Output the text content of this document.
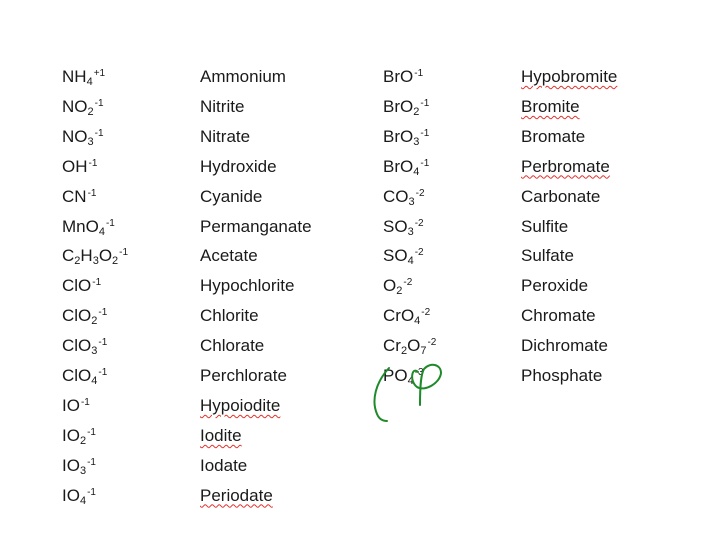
$NH_4^{+1}$
$NO_2^{-1}$
$NO_3^{-1}$
$OH^{-1}$
$CN^{-1}$
MnO$_4^{-1}$
$C_2H_3O_2^{-1}$
ClO$^{-1}$
ClO$_2^{-1}$
ClO$_3^{-1}$
ClO$_4^{-1}$
$IO^{-1}$
$IO_2^{-1}$
$IO_3^{-1}$
$IO_4^{-1}$
Ammonium
Nitrite
Nitrate
Hydroxide
Cyanide
Permanganate
Acetate
Hypochlorite
Chlorite
Chlorate
Perchlorate
Hypoiodite
Iodite
Iodate
Periodate
BrO$^{-1}$
BrO$_2^{-1}$
BrO$_3^{-1}$
BrO$_4^{-1}$
$CO_3^{-2}$
$SO_3^{-2}$
$SO_4^{-2}$
$O_2^{-2}$
CrO$_4^{-2}$
$Cr_2O_7^{-2}$
$PO_4^{-3}$
Hypobromite
Bromite
Bromate
Perbromate
Carbonate
Sulfite
Sulfate
Peroxide
Chromate
Dichromate
Phosphate
